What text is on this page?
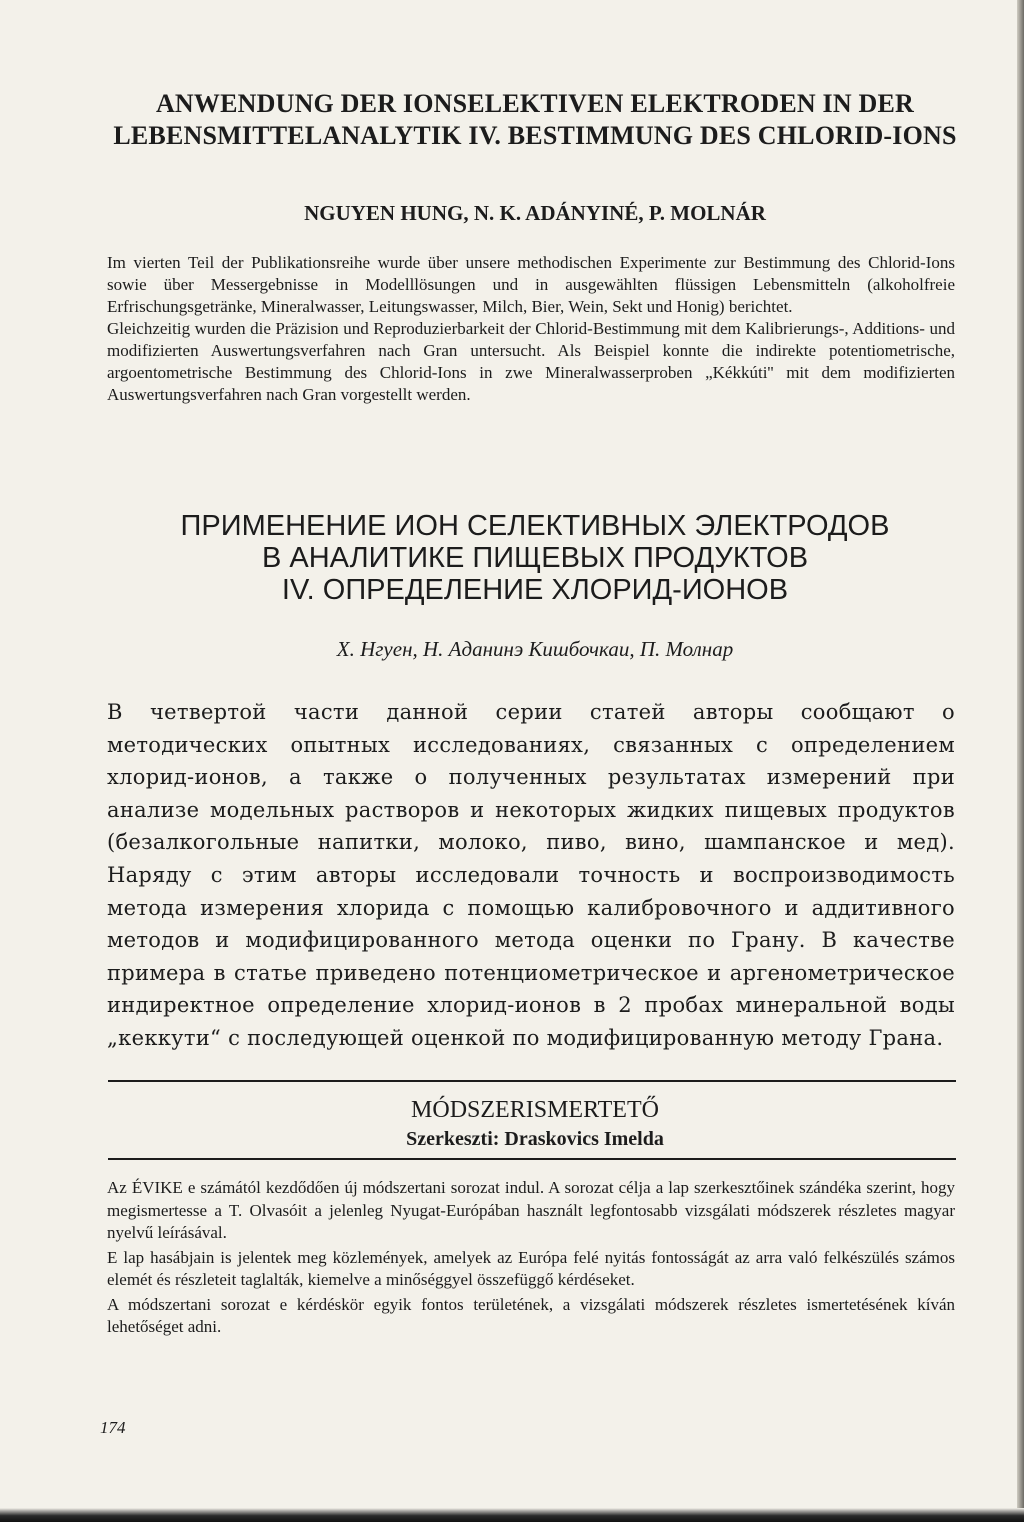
ANWENDUNG DER IONSELEKTIVEN ELEKTRODEN IN DER LEBENSMITTELANALYTIK IV. BESTIMMUNG DES CHLORID-IONS
NGUYEN HUNG, N. K. ADÁNYINÉ, P. MOLNÁR

Im vierten Teil der Publikationsreihe wurde über unsere methodischen Experimente zur Bestimmung des Chlorid-Ions sowie über Messergebnisse in Modelllösungen und in ausgewählten flüssigen Lebensmitteln (alkoholfreie Erfrischungsgetränke, Mineralwasser, Leitungswasser, Milch, Bier, Wein, Sekt und Honig) berichtet.

Gleichzeitig wurden die Präzision und Reproduzierbarkeit der Chlorid-Bestimmung mit dem Kalibrierungs-, Additions- und modifizierten Auswertungsverfahren nach Gran untersucht. Als Beispiel konnte die indirekte potentiometrische, argoentometrische Bestimmung des Chlorid-Ions in zwe Mineralwasserproben „Kékkúti'' mit dem modifizierten Auswertungsverfahren nach Gran vorgestellt werden.

ПРИМЕНЕНИЕ ИОН СЕЛЕКТИВНЫХ ЭЛЕКТРОДОВ
В АНАЛИТИКЕ ПИЩЕВЫХ ПРОДУКТОВ
IV. ОПРЕДЕЛЕНИЕ ХЛОРИД-ИОНОВ
X. Нгуен, Н. Аданинэ Кишбочкаи, П. Молнар
В четвертой части данной серии статей авторы сообщают о методических опытных исследованиях, связанных с определением хлорид-ионов, а также о полученных результатах измерений при анализе модельных растворов и некоторых жидких пищевых продуктов (безалкогольные напитки, молоко, пиво, вино, шампанское и мед). Наряду с этим авторы исследовали точность и воспроизводимость метода измерения хлорида с помощью калибровочного и аддитивного методов и модифицированного метода оценки по Грану. В качестве примера в статье приведено потенциометрическое и аргенометрическое индиректное определение хлорид-ионов в 2 пробах минеральной воды „кеккути“ с последующей оценкой по модифицированную методу Грана.
MÓDSZERISMERTETŐ
Szerkeszti: Draskovics Imelda

Az ÉVIKE e számától kezdődően új módszertani sorozat indul. A sorozat célja a lap szerkesztőinek szándéka szerint, hogy megismertesse a T. Olvasóit a jelenleg Nyugat-Európában használt legfontosabb vizsgálati módszerek részletes magyar nyelvű leírásával.

E lap hasábjain is jelentek meg közlemények, amelyek az Európa felé nyitás fontosságát az arra való felkészülés számos elemét és részleteit taglalták, kiemelve a minőséggyel összefüggő kérdéseket.

A módszertani sorozat e kérdéskör egyik fontos területének, a vizsgálati módszerek részletes ismertetésének kíván lehetőséget adni.

174
